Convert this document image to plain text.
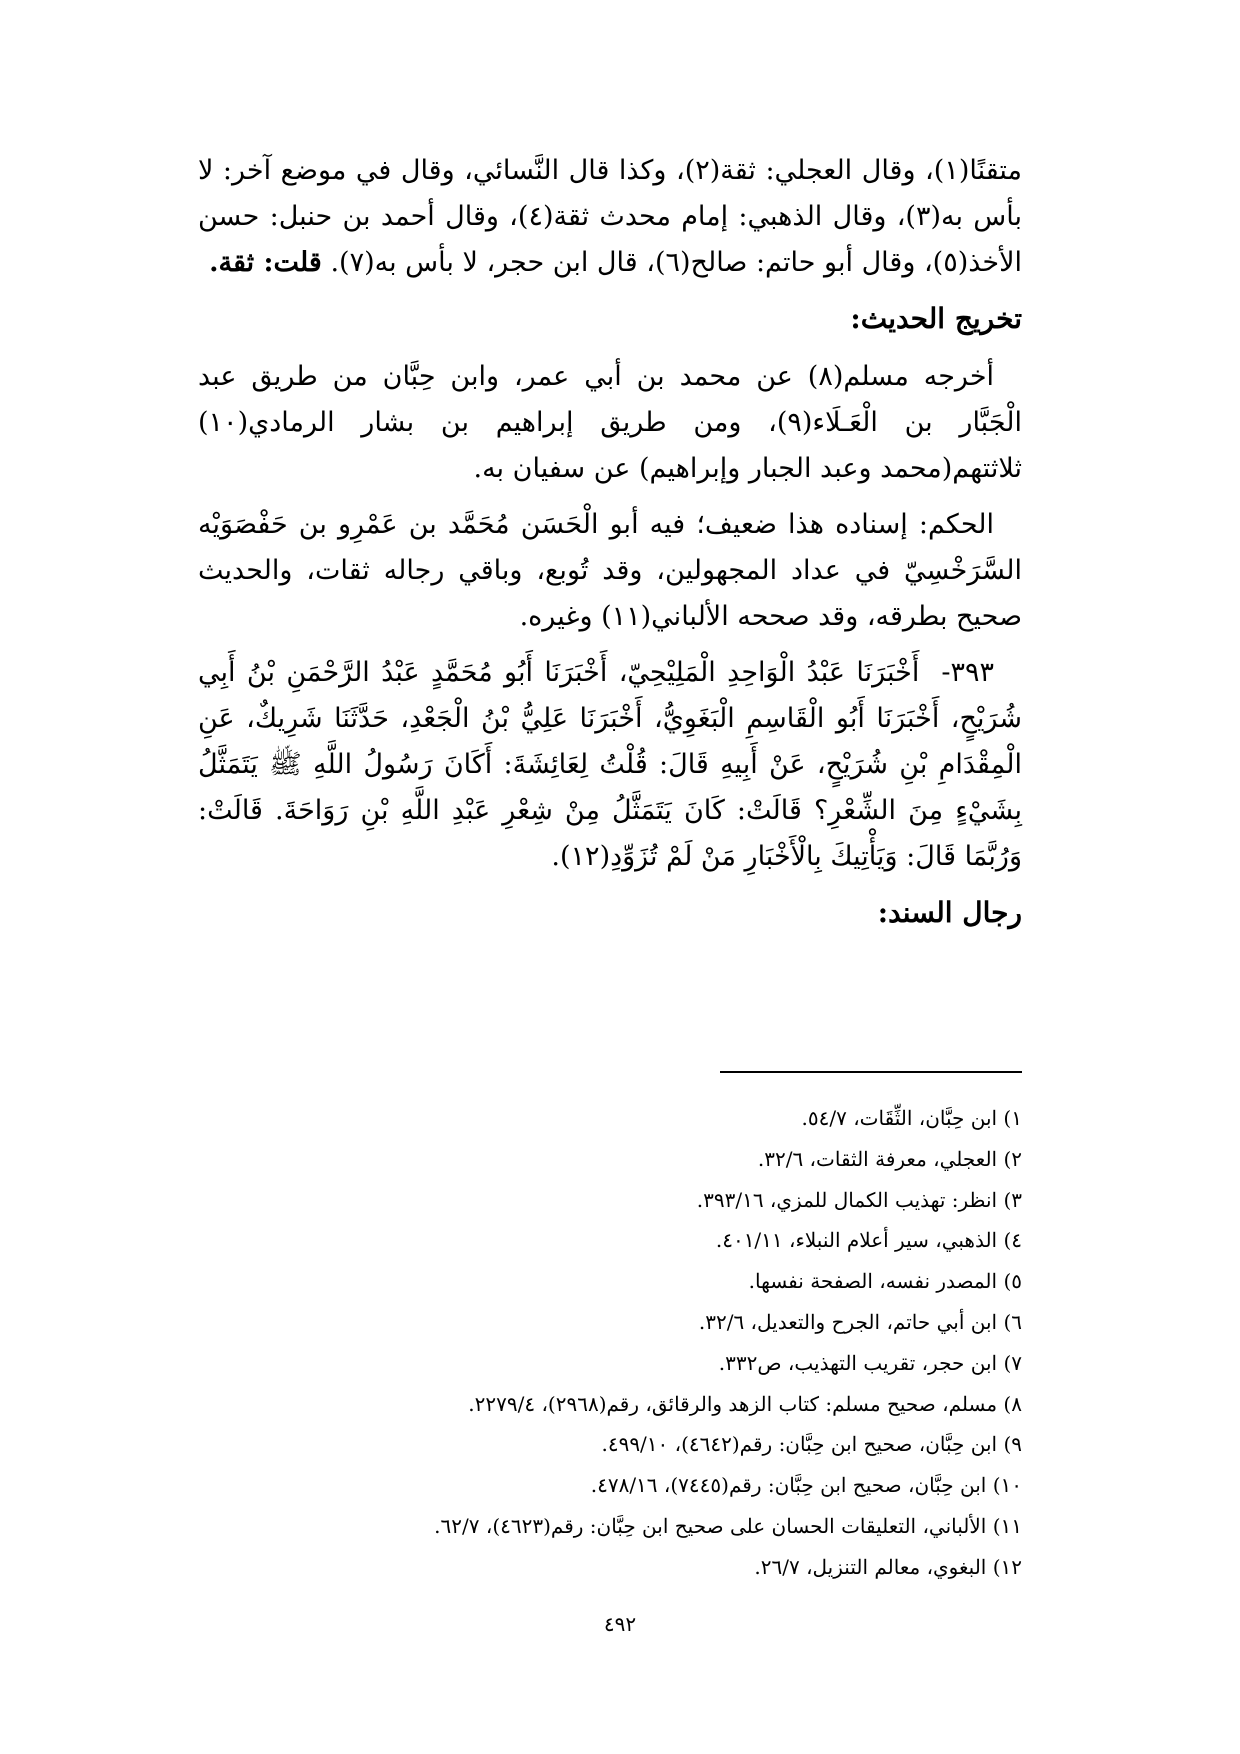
متقنًا(١)، وقال العجلي: ثقة(٢)، وكذا قال النَّسائي، وقال في موضع آخر: لا بأس به(٣)، وقال الذهبي: إمام محدث ثقة(٤)، وقال أحمد بن حنبل: حسن الأخذ(٥)، وقال أبو حاتم: صالح(٦)، قال ابن حجر، لا بأس به(٧). قلت: ثقة.

تخريج الحديث:

أخرجه مسلم(٨) عن محمد بن أبي عمر، وابن حِبَّان من طريق عبد الْجَبَّار بن الْعَـلَاء(٩)، ومن طريق إبراهيم بن بشار الرمادي(١٠) ثلاثتهم(محمد وعبد الجبار وإبراهيم) عن سفيان به.

الحكم: إسناده هذا ضعيف؛ فيه أبو الْحَسَن مُحَمَّد بن عَمْرِو بن حَفْصَوَيْه السَّرَخْسِيّ في عداد المجهولين، وقد تُوبع، وباقي رجاله ثقات، والحديث صحيح بطرقه، وقد صححه الألباني(١١) وغيره.

٣٩٣-أَخْبَرَنَا عَبْدُ الْوَاحِدِ الْمَلِيْحِيّ، أَخْبَرَنَا أَبُو مُحَمَّدٍ عَبْدُ الرَّحْمَنِ بْنُ أَبِي شُرَيْحٍ، أَخْبَرَنَا أَبُو الْقَاسِمِ الْبَغَوِيُّ، أَخْبَرَنَا عَلِيُّ بْنُ الْجَعْدِ، حَدَّثَنَا شَرِيكٌ، عَنِ الْمِقْدَامِ بْنِ شُرَيْحٍ، عَنْ أَبِيهِ قَالَ: قُلْتُ لِعَائِشَةَ: أَكَانَ رَسُولُ اللَّهِ ﷺ يَتَمَثَّلُ بِشَيْءٍ مِنَ الشِّعْرِ؟ قَالَتْ: كَانَ يَتَمَثَّلُ مِنْ شِعْرِ عَبْدِ اللَّهِ بْنِ رَوَاحَةَ. قَالَتْ: وَرُبَّمَا قَالَ: وَيَأْتِيكَ بِالْأَخْبَارِ مَنْ لَمْ تُزَوِّدِ(١٢).

رجال السند:
١) ابن حِبَّان، الثِّقَات، ٥٤/٧.
٢) العجلي، معرفة الثقات، ٣٢/٦.
٣) انظر: تهذيب الكمال للمزي، ٣٩٣/١٦.
٤) الذهبي، سير أعلام النبلاء، ٤٠١/١١.
٥) المصدر نفسه، الصفحة نفسها.
٦) ابن أبي حاتم، الجرح والتعديل، ٣٢/٦.
٧) ابن حجر، تقريب التهذيب، ص٣٣٢.
٨) مسلم، صحيح مسلم: كتاب الزهد والرقائق، رقم(٢٩٦٨)، ٢٢٧٩/٤.
٩) ابن حِبَّان، صحيح ابن حِبَّان: رقم(٤٦٤٢)، ٤٩٩/١٠.
١٠) ابن حِبَّان، صحيح ابن حِبَّان: رقم(٧٤٤٥)، ٤٧٨/١٦.
١١) الألباني، التعليقات الحسان على صحيح ابن حِبَّان: رقم(٤٦٢٣)، ٦٢/٧.
١٢) البغوي، معالم التنزيل، ٢٦/٧.
٤٩٢
